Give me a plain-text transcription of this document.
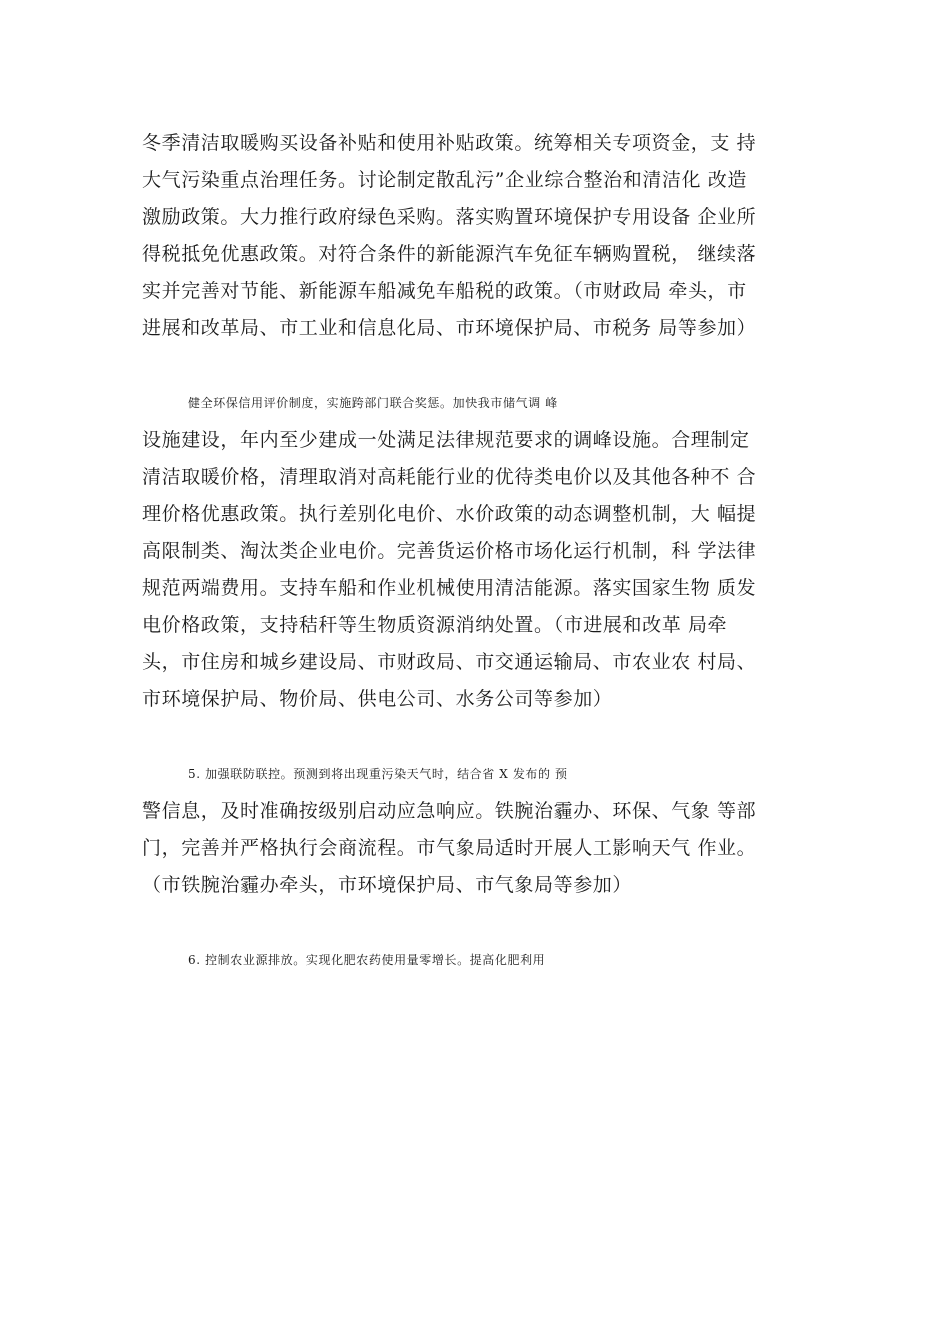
冬季清洁取暖购买设备补贴和使用补贴政策。统筹相关专项资金，支 持
大气污染重点治理任务。讨论制定散乱污”企业综合整治和清洁化 改造
激励政策。大力推行政府绿色采购。落实购置环境保护专用设备 企业所
得税抵免优惠政策。对符合条件的新能源汽车免征车辆购置税， 继续落
实并完善对节能、新能源车船减免车船税的政策。（市财政局 牵头，市
进展和改革局、市工业和信息化局、市环境保护局、市税务 局等参加）
健全环保信用评价制度，实施跨部门联合奖惩。加快我市储气调 峰
设施建设，年内至少建成一处满足法律规范要求的调峰设施。合理制定
清洁取暖价格，清理取消对高耗能行业的优待类电价以及其他各种不 合
理价格优惠政策。执行差别化电价、水价政策的动态调整机制，大 幅提
高限制类、淘汰类企业电价。完善货运价格市场化运行机制，科 学法律
规范两端费用。支持车船和作业机械使用清洁能源。落实国家生物 质发
电价格政策，支持秸秆等生物质资源消纳处置。（市进展和改革 局牵
头，市住房和城乡建设局、市财政局、市交通运输局、市农业农 村局、
市环境保护局、物价局、供电公司、水务公司等参加）
5. 加强联防联控。预测到将出现重污染天气时，结合省 X 发布的 预
警信息，及时准确按级别启动应急响应。铁腕治霾办、环保、气象 等部
门，完善并严格执行会商流程。市气象局适时开展人工影响天气 作业。
（市铁腕治霾办牵头，市环境保护局、市气象局等参加）
6. 控制农业源排放。实现化肥农药使用量零增长。提高化肥利用
